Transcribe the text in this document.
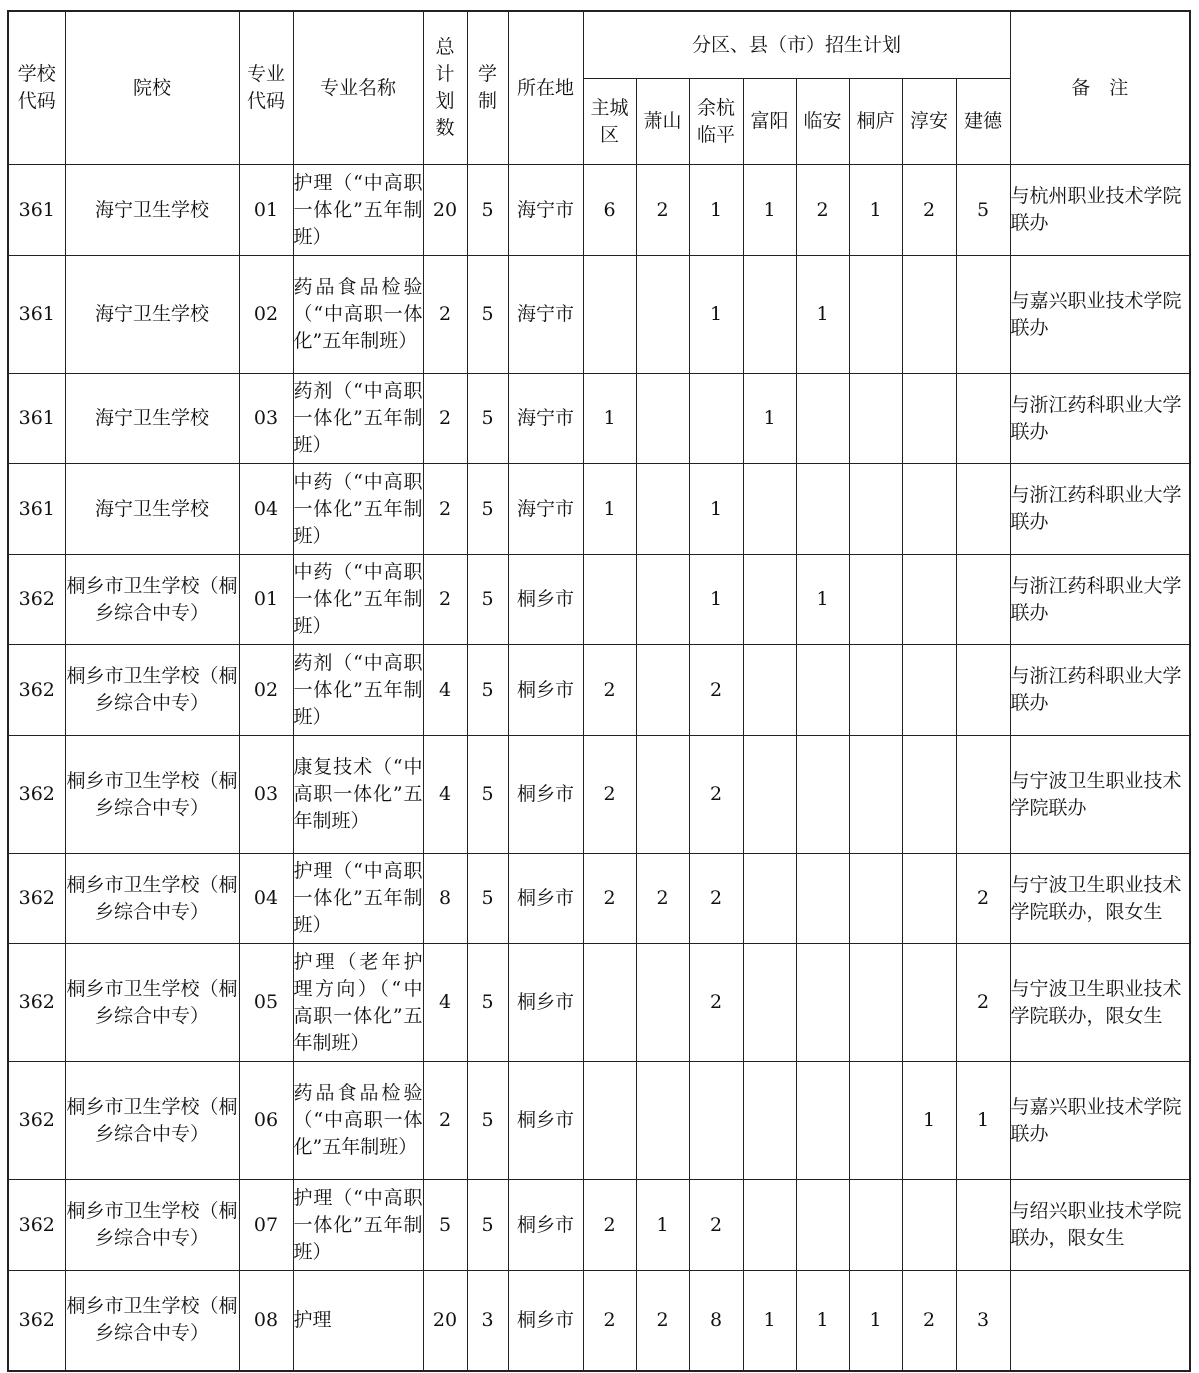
学校代码	院校	专业代码	专业名称	总计划数	学制	所在地	分区、县（市）招生计划								备　注
							主城区	萧山	余杭临平	富阳	临安	桐庐	淳安	建德	
361	海宁卫生学校	01	护理（“中高职一体化”五年制班）	20	5	海宁市	6	2	1	1	2	1	2	5	与杭州职业技术学院联办
361	海宁卫生学校	02	药品食品检验（“中高职一体化”五年制班）	2	5	海宁市			1		1				与嘉兴职业技术学院联办
361	海宁卫生学校	03	药剂（“中高职一体化”五年制班）	2	5	海宁市	1			1					与浙江药科职业大学联办
361	海宁卫生学校	04	中药（“中高职一体化”五年制班）	2	5	海宁市	1		1						与浙江药科职业大学联办
362	桐乡市卫生学校（桐乡综合中专）	01	中药（“中高职一体化”五年制班）	2	5	桐乡市			1		1				与浙江药科职业大学联办
362	桐乡市卫生学校（桐乡综合中专）	02	药剂（“中高职一体化”五年制班）	4	5	桐乡市	2		2						与浙江药科职业大学联办
362	桐乡市卫生学校（桐乡综合中专）	03	康复技术（“中高职一体化”五年制班）	4	5	桐乡市	2		2						与宁波卫生职业技术学院联办
362	桐乡市卫生学校（桐乡综合中专）	04	护理（“中高职一体化”五年制班）	8	5	桐乡市	2	2	2					2	与宁波卫生职业技术学院联办，限女生
362	桐乡市卫生学校（桐乡综合中专）	05	护理（老年护理方向）（“中高职一体化”五年制班）	4	5	桐乡市			2					2	与宁波卫生职业技术学院联办，限女生
362	桐乡市卫生学校（桐乡综合中专）	06	药品食品检验（“中高职一体化”五年制班）	2	5	桐乡市							1	1	与嘉兴职业技术学院联办
362	桐乡市卫生学校（桐乡综合中专）	07	护理（“中高职一体化”五年制班）	5	5	桐乡市	2	1	2						与绍兴职业技术学院联办，限女生
362	桐乡市卫生学校（桐乡综合中专）	08	护理	20	3	桐乡市	2	2	8	1	1	1	2	3	
